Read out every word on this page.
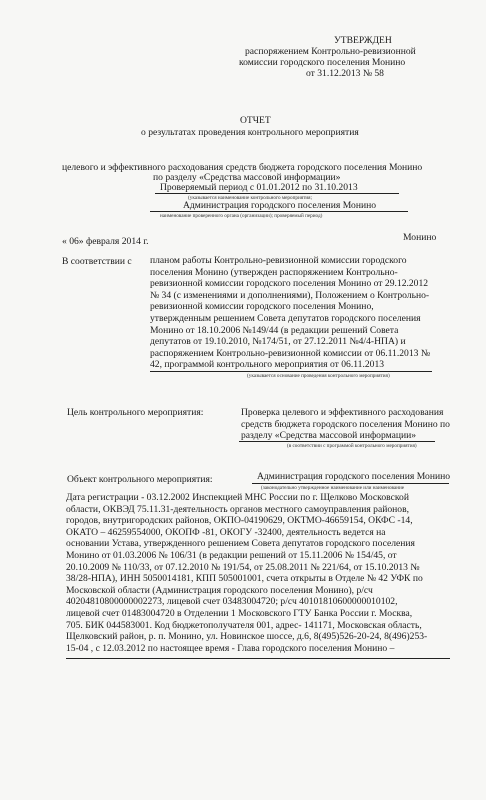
УТВЕРЖДЕН
распоряжением Контрольно-ревизионной
комиссии городского поселения Монино
от 31.12.2013 № 58
ОТЧЕТ
о результатах проведения контрольного мероприятия
целевого и эффективного расходования средств бюджета городского поселения Монино
по разделу «Средства массовой информации»
Проверяемый период с 01.01.2012 по 31.10.2013
(указывается наименование контрольного мероприятия;
Администрация городского поселения Монино
наименование проверенного органа (организации); проверяемый период)
« 06» февраля 2014 г.	Монино
В соответствии с планом работы Контрольно-ревизионной комиссии городского
поселения Монино (утвержден распоряжением Контрольно-
ревизионной комиссии городского поселения Монино от 29.12.2012
№ 34 (с изменениями и дополнениями), Положением о Контрольно-
ревизионной комиссии городского поселения Монино,
утвержденным решением Совета депутатов городского поселения
Монино от 18.10.2006 №149/44 (в редакции решений Совета
депутатов от 19.10.2010, №174/51, от 27.12.2011 №4/4-НПА) и
распоряжением Контрольно-ревизионной комиссии от 06.11.2013 №
42, программой контрольного мероприятия от 06.11.2013
(указывается основание проведения контрольного мероприятия)
Цель контрольного мероприятия:	Проверка целевого и эффективного расходования
средств бюджета городского поселения Монино по
разделу «Средства массовой информации»
(в соответствии с программой контрольного мероприятия)
Объект контрольного мероприятия:	Администрация городского поселения Монино
(законодательно утвержденное наименование или наименование
Дата регистрации - 03.12.2002 Инспекцией МНС России по г. Щелково Московской
области, ОКВЭД 75.11.31-деятельность органов местного самоуправления районов,
городов, внутригородских районов, ОКПО-04190629, ОКТМО-46659154, ОКФС -14,
ОКАТО – 46259554000, ОКОПФ -81, ОКОГУ -32400, деятельность ведется на
основании Устава, утвержденного решением Совета депутатов городского поселения
Монино от 01.03.2006 № 106/31 (в редакции решений от 15.11.2006 № 154/45, от
20.10.2009 № 110/33, от 07.12.2010 № 191/54, от 25.08.2011 № 221/64, от 15.10.2013 №
38/28-НПА), ИНН 5050014181, КПП 505001001, счета открыты в Отделе № 42 УФК по
Московской области (Администрация городского поселения Монино), р/сч
40204810800000002273, лицевой счет 03483004720; р/сч 40101810600000010102,
лицевой счет 01483004720 в Отделении 1 Московского ГТУ Банка России г. Москва,
705. БИК 044583001. Код бюджетополучателя 001, адрес- 141171, Московская область,
Щелковский район, р. п. Монино, ул. Новинское шоссе, д.6, 8(495)526-20-24, 8(496)253-
15-04 , с 12.03.2012 по настоящее время - Глава городского поселения Монино –
